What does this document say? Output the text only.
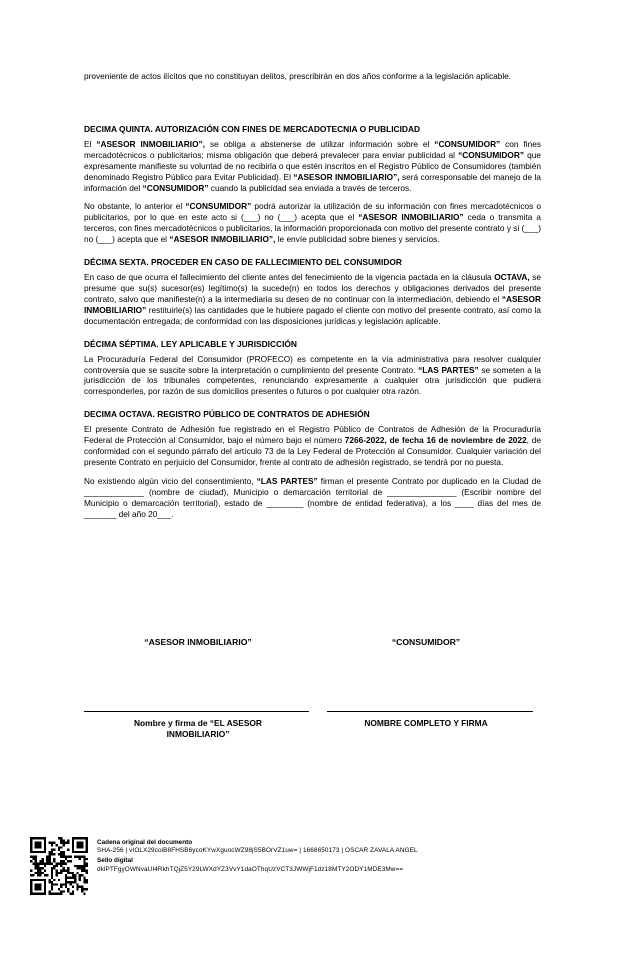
proveniente de actos ilícitos que no constituyan delitos, prescribirán en dos años conforme a la legislación aplicable.

DECIMA QUINTA. AUTORIZACIÓN CON FINES DE MERCADOTECNIA O PUBLICIDAD

El “ASESOR INMOBILIARIO”, se obliga a abstenerse de utilizar información sobre el “CONSUMIDOR” con fines mercadotécnicos o publicitarios; misma obligación que deberá prevalecer para enviar publicidad al “CONSUMIDOR” que expresamente manifieste su voluntad de no recibirla o que estén inscritos en el Registro Público de Consumidores (también denominado Registro Público para Evitar Publicidad). El “ASESOR INMOBILIARIO”, será corresponsable del manejo de la información del “CONSUMIDOR” cuando la publicidad sea enviada a través de terceros.

No obstante, lo anterior el “CONSUMIDOR” podrá autorizar la utilización de su información con fines mercadotécnicos o publicitarios, por lo que en este acto si (___) no (___) acepta que el “ASESOR INMOBILIARIO” ceda o transmita a terceros, con fines mercadotécnicos o publicitarios, la información proporcionada con motivo del presente contrato y si (___) no (___) acepta que el “ASESOR INMOBILIARIO”, le envíe publicidad sobre bienes y servicios.

DÉCIMA SEXTA. PROCEDER EN CASO DE FALLECIMIENTO DEL CONSUMIDOR

En caso de que ocurra el fallecimiento del cliente antes del fenecimiento de la vigencia pactada en la cláusula OCTAVA, se presume que su(s) sucesor(es) legítimo(s) la sucede(n) en todos los derechos y obligaciones derivados del presente contrato, salvo que manifieste(n) a la intermediaria su deseo de no continuar con la intermediación, debiendo el “ASESOR INMOBILIARIO” restituirle(s) las cantidades que le hubiere pagado el cliente con motivo del presente contrato, así como la documentación entregada; de conformidad con las disposiciones jurídicas y legislación aplicable.

DÉCIMA SÉPTIMA. LEY APLICABLE Y JURISDICCIÓN

La Procuraduría Federal del Consumidor (PROFECO) es competente en la vía administrativa para resolver cualquier controversia que se suscite sobre la interpretación o cumplimiento del presente Contrato. “LAS PARTES” se someten a la jurisdicción de los tribunales competentes, renunciando expresamente a cualquier otra jurisdicción que pudiera corresponderles, por razón de sus domicilios presentes o futuros o por cualquier otra razón.

DECIMA OCTAVA. REGISTRO PÚBLICO DE CONTRATOS DE ADHESIÓN

El presente Contrato de Adhesión fue registrado en el Registro Público de Contratos de Adhesión de la Procuraduría Federal de Protección al Consumidor, bajo el número bajo el número 7266-2022, de fecha 16 de noviembre de 2022, de conformidad con el segundo párrafo del artículo 73 de la Ley Federal de Protección al Consumidor. Cualquier variación del presente Contrato en perjuicio del Consumidor, frente al contrato de adhesión registrado, se tendrá por no puesta.

No existiendo algún vicio del consentimiento, “LAS PARTES” firman el presente Contrato por duplicado en la Ciudad de _____________ (nombre de ciudad), Municipio o demarcación territorial de _______________ (Escribir nombre del Municipio o demarcación territorial), estado de ________ (nombre de entidad federativa), a los ____ días del mes de _______ del año 20___.

“ASESOR INMOBILIARIO”	“CONSUMIDOR”
Nombre y firma de “EL ASESOR INMOBILIARIO”
NOMBRE COMPLETO Y FIRMA
Cadena original del documento
SHA-256 | vIOLX29coiB8FHSB6ycoKYwXguocWZ98jS5BOrVZ1uw= | 1668650173 | OSCAR ZAVALA ANGEL
Sello digital
dklPTFgyOWNvaUI4RkhTQjZ5Y29LWXdYZ3VvY1daOThqUzVCT3JWWjF1dz18MTY2ODY1MDE3Mw==
